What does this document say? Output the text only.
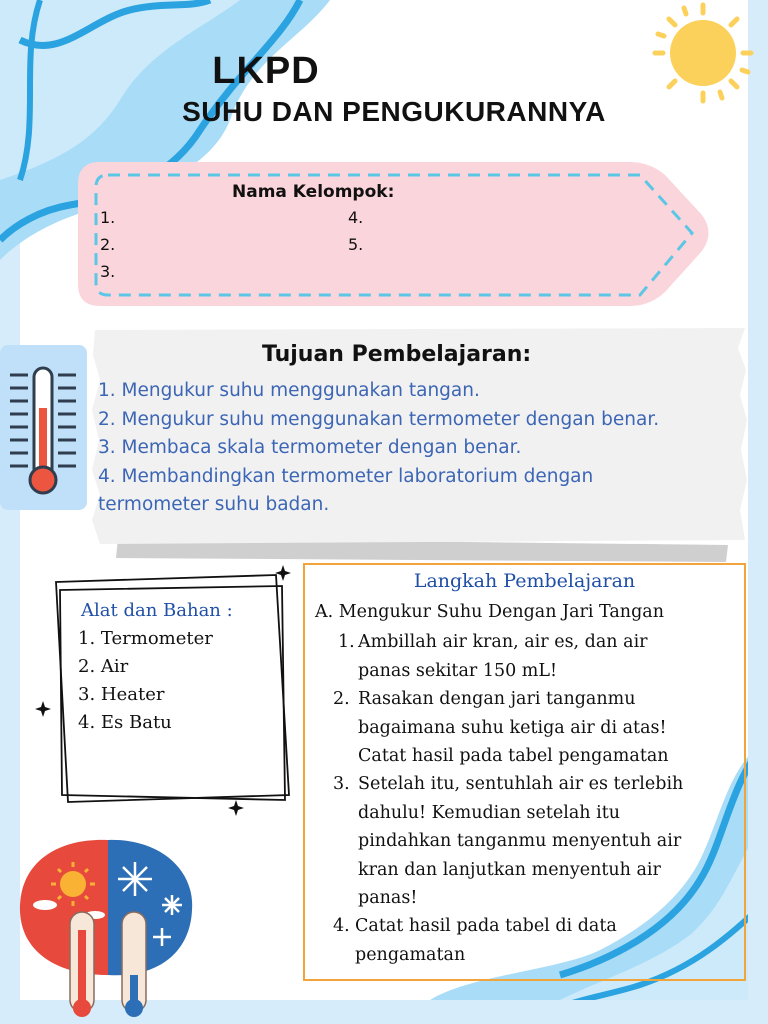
LKPD
SUHU DAN PENGUKURANNYA
Nama Kelompok:
1.
2.
3.
4.
5.
Tujuan Pembelajaran:
1. Mengukur suhu menggunakan tangan.
2. Mengukur suhu menggunakan termometer dengan benar.
3. Membaca skala termometer dengan benar.
4. Membandingkan termometer laboratorium dengan
termometer suhu badan.
Alat dan Bahan :
1. Termometer
2. Air
3. Heater
4. Es Batu
Langkah Pembelajaran
A. Mengukur Suhu Dengan Jari Tangan
1. Ambillah air kran, air es, dan air
panas sekitar 150 mL!
2. Rasakan dengan jari tanganmu
bagaimana suhu ketiga air di atas!
Catat hasil pada tabel pengamatan
3. Setelah itu, sentuhlah air es terlebih
dahulu! Kemudian setelah itu
pindahkan tanganmu menyentuh air
kran dan lanjutkan menyentuh air
panas!
4. Catat hasil pada tabel di data
pengamatan
